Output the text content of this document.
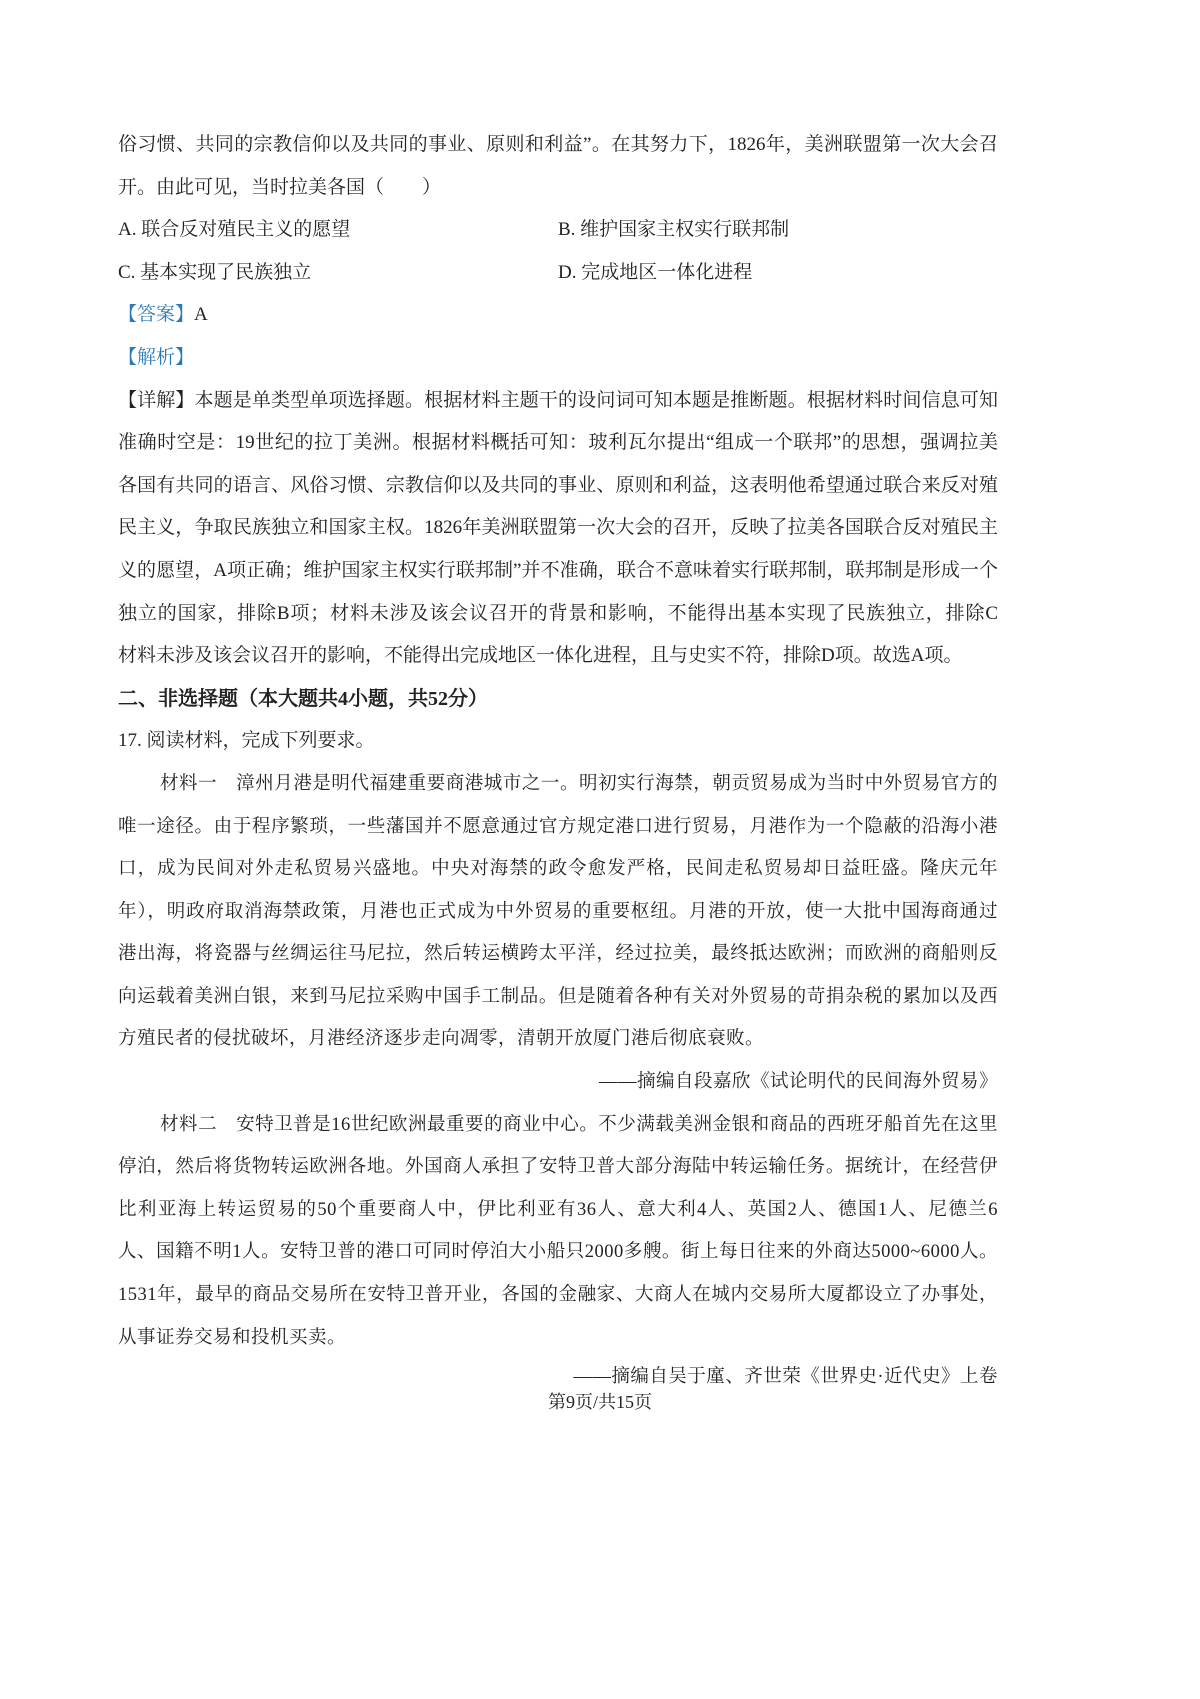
俗习惯、共同的宗教信仰以及共同的事业、原则和利益”。在其努力下，1826年，美洲联盟第一次大会召
开。由此可见，当时拉美各国（　　）
A. 联合反对殖民主义的愿望	B. 维护国家主权实行联邦制
C. 基本实现了民族独立	D. 完成地区一体化进程
【答案】A
【解析】
【详解】本题是单类型单项选择题。根据材料主题干的设问词可知本题是推断题。根据材料时间信息可知
准确时空是：19世纪的拉丁美洲。根据材料概括可知：玻利瓦尔提出“组成一个联邦”的思想，强调拉美
各国有共同的语言、风俗习惯、宗教信仰以及共同的事业、原则和利益，这表明他希望通过联合来反对殖
民主义，争取民族独立和国家主权。1826年美洲联盟第一次大会的召开，反映了拉美各国联合反对殖民主
义的愿望，A项正确；维护国家主权实行联邦制”并不准确，联合不意味着实行联邦制，联邦制是形成一个
独立的国家，排除B项；材料未涉及该会议召开的背景和影响，不能得出基本实现了民族独立，排除C
材料未涉及该会议召开的影响，不能得出完成地区一体化进程，且与史实不符，排除D项。故选A项。
二、非选择题（本大题共4小题，共52分）
17. 阅读材料，完成下列要求。
材料一　漳州月港是明代福建重要商港城市之一。明初实行海禁，朝贡贸易成为当时中外贸易官方的
唯一途径。由于程序繁琐，一些藩国并不愿意通过官方规定港口进行贸易，月港作为一个隐蔽的沿海小港
口，成为民间对外走私贸易兴盛地。中央对海禁的政令愈发严格，民间走私贸易却日益旺盛。隆庆元年
年），明政府取消海禁政策，月港也正式成为中外贸易的重要枢纽。月港的开放，使一大批中国海商通过
港出海，将瓷器与丝绸运往马尼拉，然后转运横跨太平洋，经过拉美，最终抵达欧洲；而欧洲的商船则反
向运载着美洲白银，来到马尼拉采购中国手工制品。但是随着各种有关对外贸易的苛捐杂税的累加以及西
方殖民者的侵扰破坏，月港经济逐步走向凋零，清朝开放厦门港后彻底衰败。
——摘编自段嘉欣《试论明代的民间海外贸易》
材料二　安特卫普是16世纪欧洲最重要的商业中心。不少满载美洲金银和商品的西班牙船首先在这里
停泊，然后将货物转运欧洲各地。外国商人承担了安特卫普大部分海陆中转运输任务。据统计，在经营伊
比利亚海上转运贸易的50个重要商人中，伊比利亚有36人、意大利4人、英国2人、德国1人、尼德兰6
人、国籍不明1人。安特卫普的港口可同时停泊大小船只2000多艘。街上每日往来的外商达5000~6000人。
1531年，最早的商品交易所在安特卫普开业，各国的金融家、大商人在城内交易所大厦都设立了办事处，
从事证券交易和投机买卖。
——摘编自吴于廑、齐世荣《世界史·近代史》上卷
第9页/共15页
